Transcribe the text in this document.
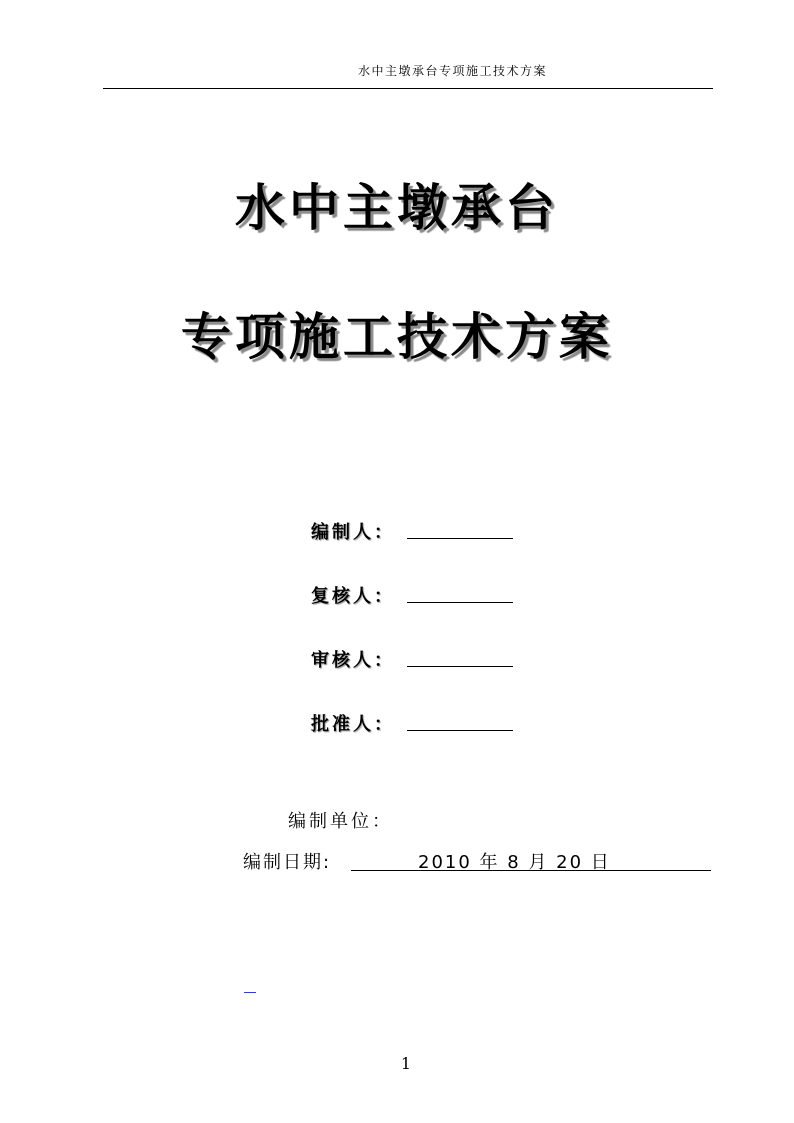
水中主墩承台专项施工技术方案
水中主墩承台
专项施工技术方案
编制人：
复核人：
审核人：
批准人：
编制单位：
编制日期:	2010 年 8 月 20 日
1
